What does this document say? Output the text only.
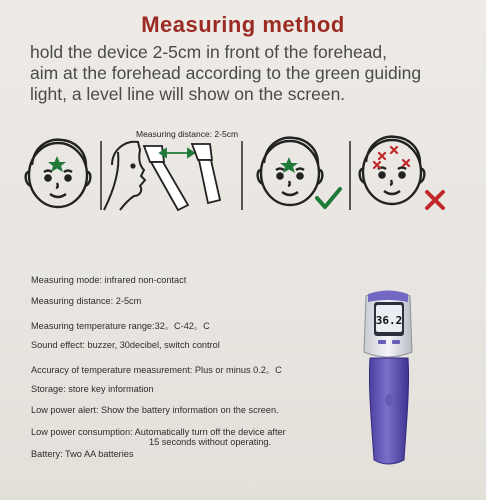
Measuring method
hold the device 2-5cm in front of the forehead,
aim at the forehead according to the green guiding
light, a level line will show on the screen.
Measuring distance: 2-5cm
Measuring mode: infrared non-contact
Measuring distance: 2-5cm
Measuring temperature range:32。C-42。C
Sound effect: buzzer, 30decibel, switch control
Accuracy of temperature measurement: Plus or minus 0.2。C
Storage: store key information
Low power alert: Show the battery information on the screen.
Low power consumption: Automatically turn off the device after
15 seconds without operating.
Battery: Two AA batteries
36.2
